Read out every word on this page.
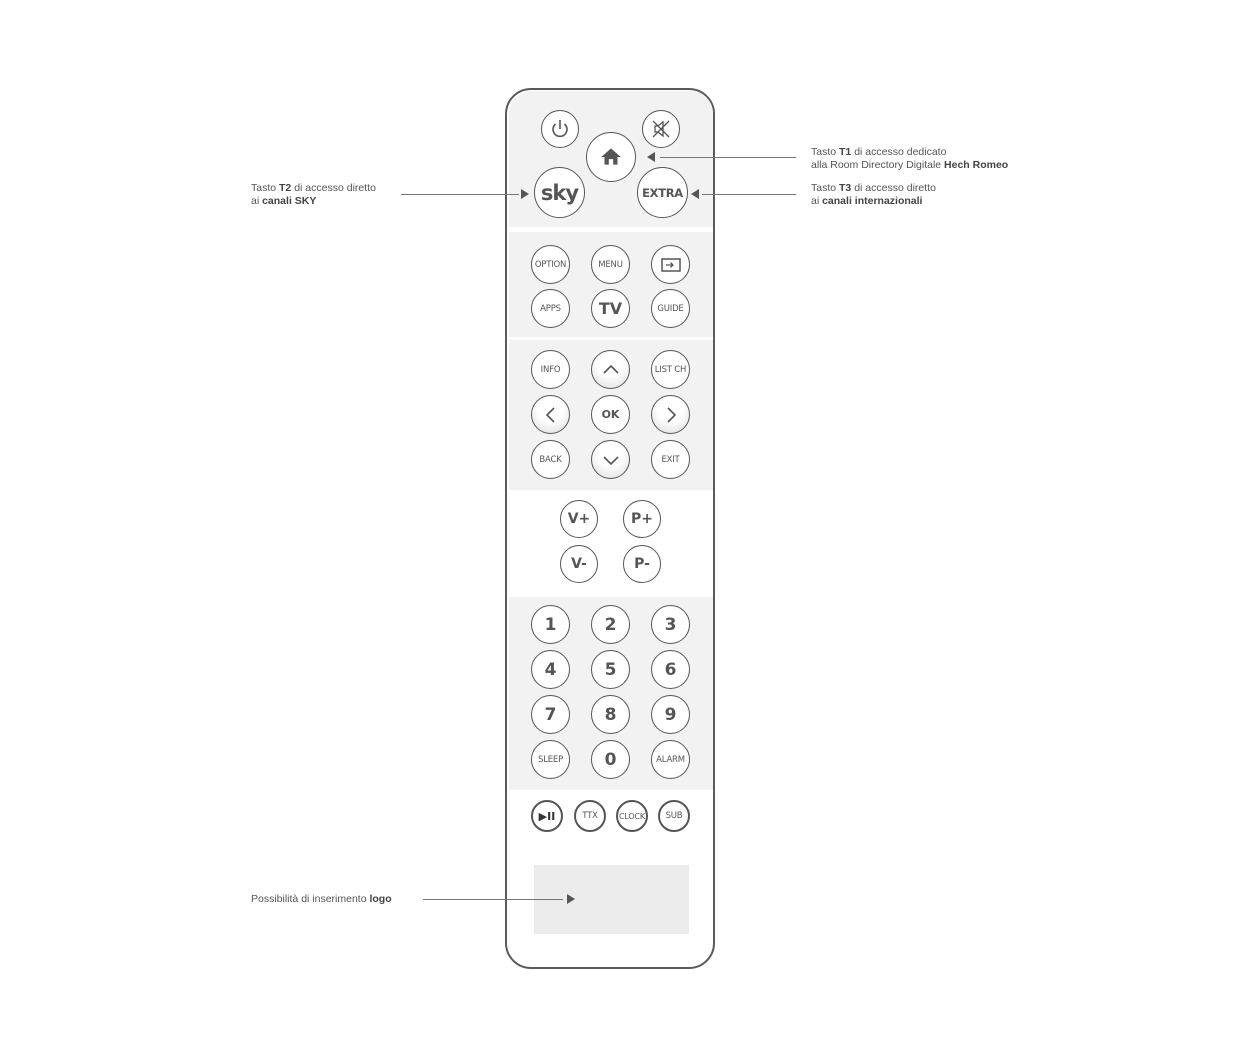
sky	EXTRA
OPTION	MENU
APPS	TV	GUIDE
INFO	LIST CH
OK
BACK	EXIT
V+	P+
V-	P-
1	2	3
4	5	6
7	8	9
SLEEP	0	ALARM
▶II	TTX	CLOCK	SUB
Tasto T1 di accesso dedicato
alla Room Directory Digitale Hech Romeo
Tasto T3 di accesso diretto
ai canali internazionali
Tasto T2 di accesso diretto
ai canali SKY
Possibilità di inserimento logo
